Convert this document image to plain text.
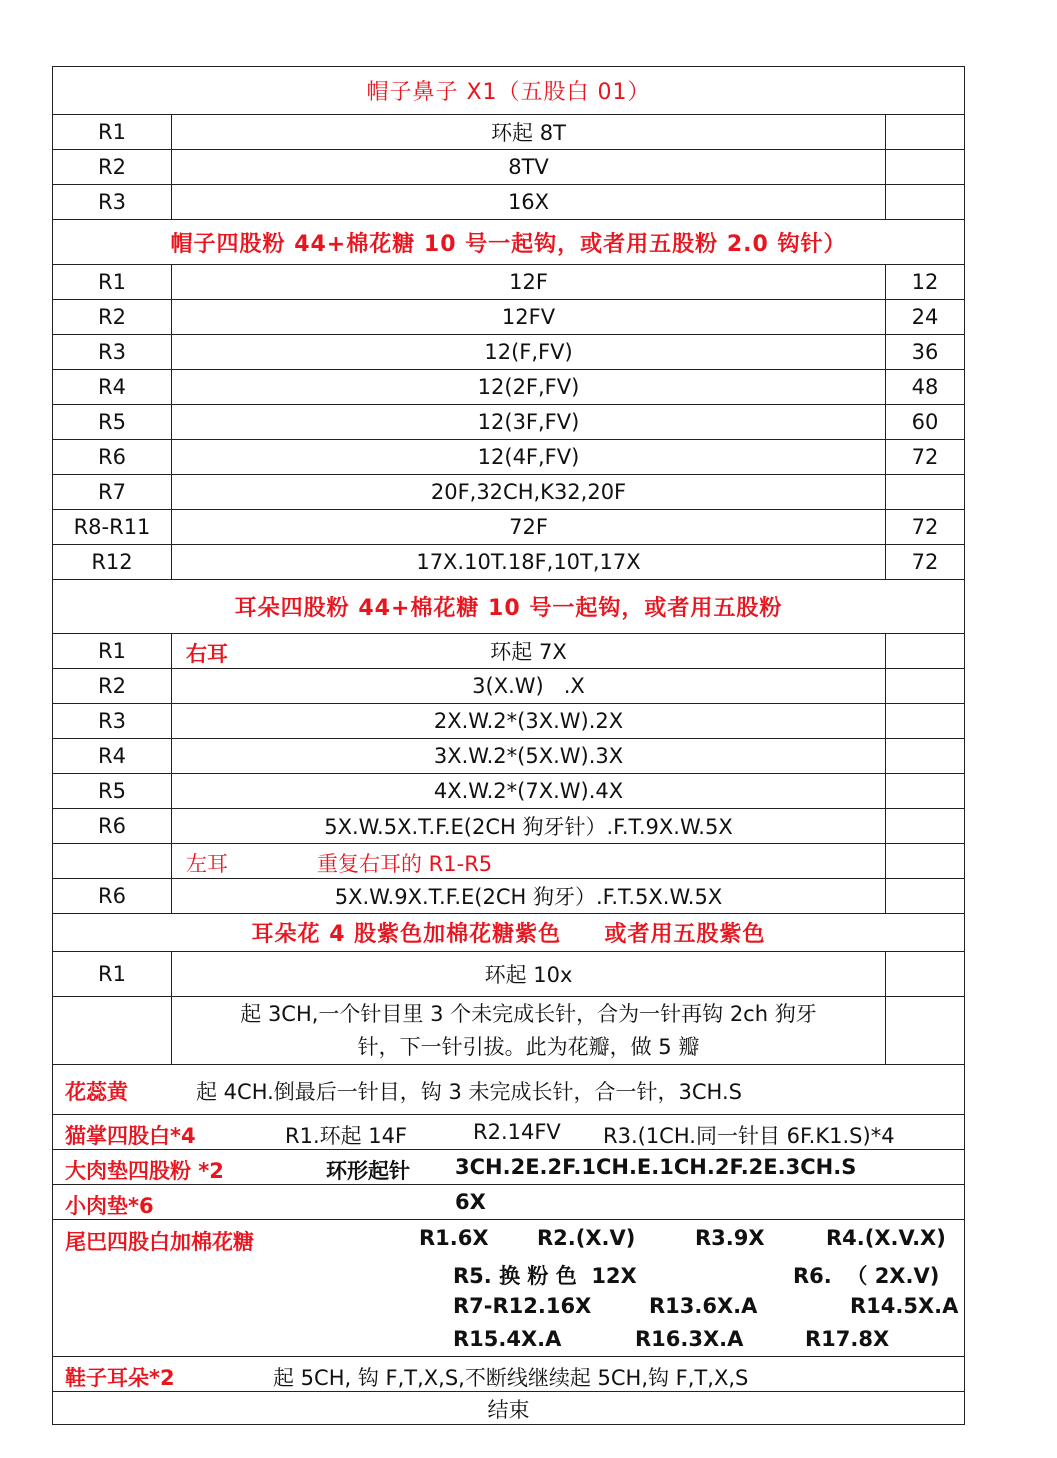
帽子鼻子 X1（五股白 01）
R1	环起 8T
R2	8TV
R3	16X
帽子四股粉 44+棉花糖 10 号一起钩，或者用五股粉 2.0 钩针）
R1	12F	12
R2	12FV	24
R3	12(F,FV)	36
R4	12(2F,FV)	48
R5	12(3F,FV)	60
R6	12(4F,FV)	72
R7	20F,32CH,K32,20F
R8-R11	72F	72
R12	17X.10T.18F,10T,17X	72
耳朵四股粉 44+棉花糖 10 号一起钩，或者用五股粉
R1	环起 7X
右耳
R2	3(X.W)   .X
R3	2X.W.2*(3X.W).2X
R4	3X.W.2*(5X.W).3X
R5	4X.W.2*(7X.W).4X
R6	5X.W.5X.T.F.E(2CH 狗牙针）.F.T.9X.W.5X
左耳	重复右耳的 R1-R5
R6	5X.W.9X.T.F.E(2CH 狗牙）.F.T.5X.W.5X
耳朵花 4 股紫色加棉花糖紫色     或者用五股紫色
R1	环起 10x
起 3CH,一个针目里 3 个未完成长针，合为一针再钩 2ch 狗牙
针，下一针引拔。此为花瓣，做 5 瓣
花蕊黄	起 4CH.倒最后一针目，钩 3 未完成长针，合一针，3CH.S
猫掌四股白*4	R1.环起 14F	R2.14FV R3.(1CH.同一针目 6F.K1.S)*4
大肉垫四股粉 *2	环形起针 3CH.2E.2F.1CH.E.1CH.2F.2E.3CH.S
小肉垫*6	6X
尾巴四股白加棉花糖	R1.6X R2.(X.V)	R3.9X	R4.(X.V.X)
R5. 换 粉 色  12X	R6.  （ 2X.V)
R7-R12.16X	R13.6X.A	R14.5X.A
R15.4X.A	R16.3X.A	R17.8X
鞋子耳朵*2	起 5CH, 钩 F,T,X,S,不断线继续起 5CH,钩 F,T,X,S
结束
